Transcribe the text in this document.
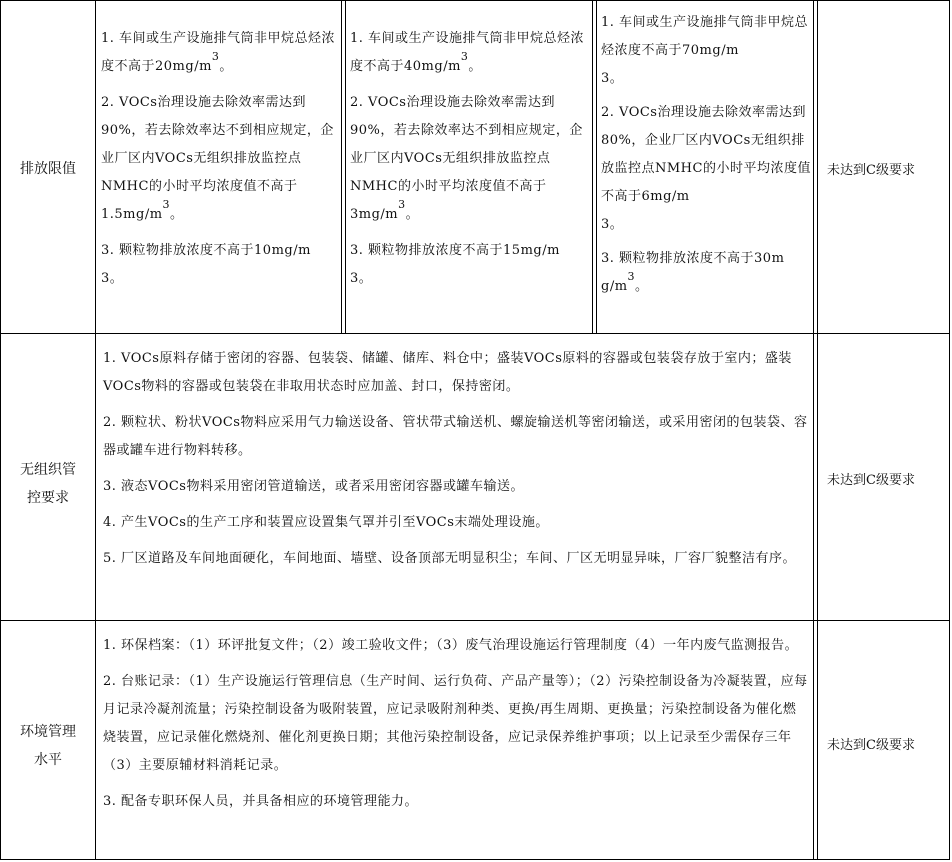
排放限值

1. 车间或生产设施排气筒非甲烷总烃浓度不高于$20mg/m^3$。

2. VOCs治理设施去除效率需达到90%，若去除效率达不到相应规定，企业厂区内VOCs无组织排放监控点NMHC的小时平均浓度值不高于$1.5mg/m^3$。

3. 颗粒物排放浓度不高于10mg/m
3。

1. 车间或生产设施排气筒非甲烷总烃浓度不高于$40mg/m^3$。

2. VOCs治理设施去除效率需达到90%，若去除效率达不到相应规定，企业厂区内VOCs无组织排放监控点NMHC的小时平均浓度值不高于$3mg/m^3$。

3. 颗粒物排放浓度不高于15mg/m
3。

1. 车间或生产设施排气筒非甲烷总烃浓度不高于70mg/m
3。

2. VOCs治理设施去除效率需达到80%，企业厂区内VOCs无组织排放监控点NMHC的小时平均浓度值不高于6mg/m
3。

3. 颗粒物排放浓度不高于30m
$g/m^3$。

未达到C级要求
无组织管
控要求

1. VOCs原料存储于密闭的容器、包装袋、储罐、储库、料仓中；盛装VOCs原料的容器或包装袋存放于室内；盛装VOCs物料的容器或包装袋在非取用状态时应加盖、封口，保持密闭。

2. 颗粒状、粉状VOCs物料应采用气力输送设备、管状带式输送机、螺旋输送机等密闭输送，或采用密闭的包装袋、容器或罐车进行物料转移。

3. 液态VOCs物料采用密闭管道输送，或者采用密闭容器或罐车输送。

4. 产生VOCs的生产工序和装置应设置集气罩并引至VOCs末端处理设施。

5. 厂区道路及车间地面硬化，车间地面、墙壁、设备顶部无明显积尘；车间、厂区无明显异味，厂容厂貌整洁有序。

未达到C级要求
环境管理
水平

1. 环保档案：（1）环评批复文件；（2）竣工验收文件；（3）废气治理设施运行管理制度（4）一年内废气监测报告。

2. 台账记录：（1）生产设施运行管理信息（生产时间、运行负荷、产品产量等）；（2）污染控制设备为冷凝装置，应每月记录冷凝剂流量；污染控制设备为吸附装置，应记录吸附剂种类、更换/再生周期、更换量；污染控制设备为催化燃烧装置，应记录催化燃烧剂、催化剂更换日期；其他污染控制设备，应记录保养维护事项；以上记录至少需保存三年（3）主要原辅材料消耗记录。

3. 配备专职环保人员，并具备相应的环境管理能力。

未达到C级要求
